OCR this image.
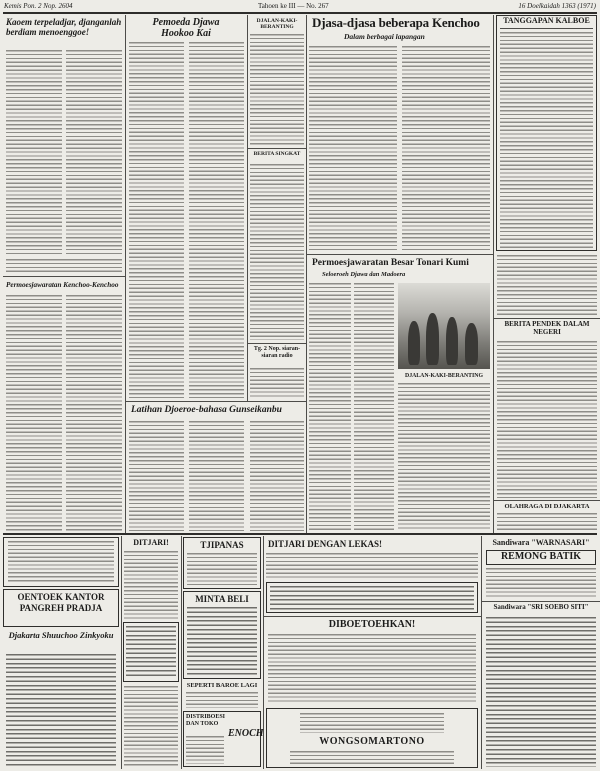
Kemis Pon. 2 Nop. 2604	Tahoen ke III — No. 267	16 Doelkaidah 1363 (1971)
Kaoem terpeladjar, djanganlah berdiam menoenggoe!
Pemoeda Djawa Hookoo Kai
DJALAN-KAKI-BERANTING
BERITA SINGKAT
Tg. 2 Nop. siaran-siaran radio
Djasa-djasa beberapa Kenchoo
Dalam berbagai lapangan
TANGGAPAN KALBOE
Permoesjawaratan Kenchoo-Kenchoo
Latihan Djoeroe-bahasa Gunseikanbu
Permoesjawaratan Besar Tonari Kumi
Seloeroeh Djawa dan Madoera
DJALAN-KAKI-BERANTING
BERITA PENDEK DALAM NEGERI
OLAHRAGA DI DJAKARTA
OENTOEK KANTOR PANGREH PRADJA
Djakarta Shuuchoo Zinkyoku
DITJARI!	TJIPANAS
MINTA BELI
SEPERTI BAROE LAGI
DISTRIBOESI DAN TOKO
ENOCH
DITJARI DENGAN LEKAS!
DIBOETOEHKAN!
WONGSOMARTONO
Sandiwara "WARNASARI"
REMONG BATIK
Sandiwara "SRI SOEBO SITI"
